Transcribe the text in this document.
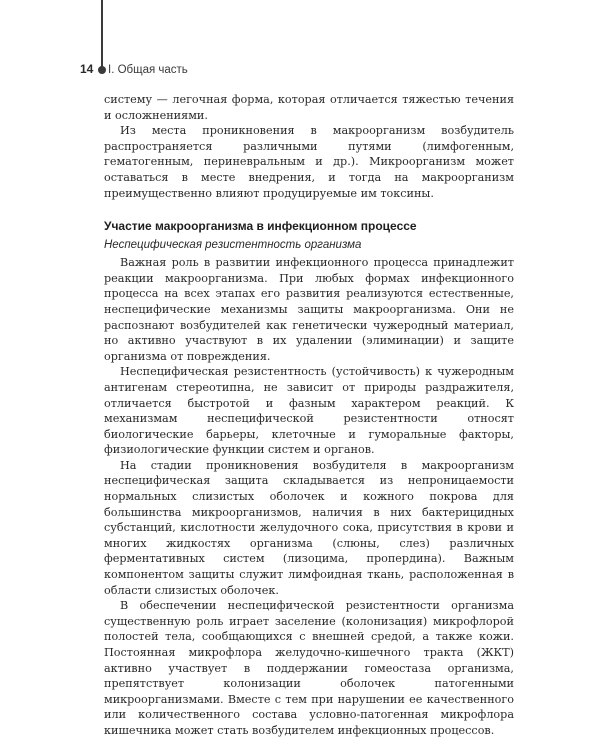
14	I. Общая часть

систему — легочная форма, которая отличается тяжестью течения и осложнениями.

Из места проникновения в макроорганизм возбудитель распространяется различными путями (лимфогенным, гематогенным, периневральным и др.). Микроорганизм может оставаться в месте внедрения, и тогда на макроорганизм преимущественно влияют продуцируемые им токсины.

Участие макроорганизма в инфекционном процессе
Неспецифическая резистентность организма

Важная роль в развитии инфекционного процесса принадлежит реакции макроорганизма. При любых формах инфекционного процесса на всех этапах его развития реализуются естественные, неспецифические механизмы защиты макроорганизма. Они не распознают возбудителей как генетически чужеродный материал, но активно участвуют в их удалении (элиминации) и защите организма от повреждения.

Неспецифическая резистентность (устойчивость) к чужеродным антигенам стереотипна, не зависит от природы раздражителя, отличается быстротой и фазным характером реакций. К механизмам неспецифической резистентности относят биологические барьеры, клеточные и гуморальные факторы, физиологические функции систем и органов.

На стадии проникновения возбудителя в макроорганизм неспецифическая защита складывается из непроницаемости нормальных слизистых оболочек и кожного покрова для большинства микроорганизмов, наличия в них бактерицидных субстанций, кислотности желудочного сока, присутствия в крови и многих жидкостях организма (слюны, слез) различных ферментативных систем (лизоцима, пропердина). Важным компонентом защиты служит лимфоидная ткань, расположенная в области слизистых оболочек.

В обеспечении неспецифической резистентности организма существенную роль играет заселение (колонизация) микрофлорой полостей тела, сообщающихся с внешней средой, а также кожи. Постоянная микрофлора желудочно-кишечного тракта (ЖКТ) активно участвует в поддержании гомеостаза организма, препятствует колонизации оболочек патогенными микроорганизмами. Вместе с тем при нарушении ее качественного или количественного состава условно-патогенная микрофлора кишечника может стать возбудителем инфекционных процессов.
